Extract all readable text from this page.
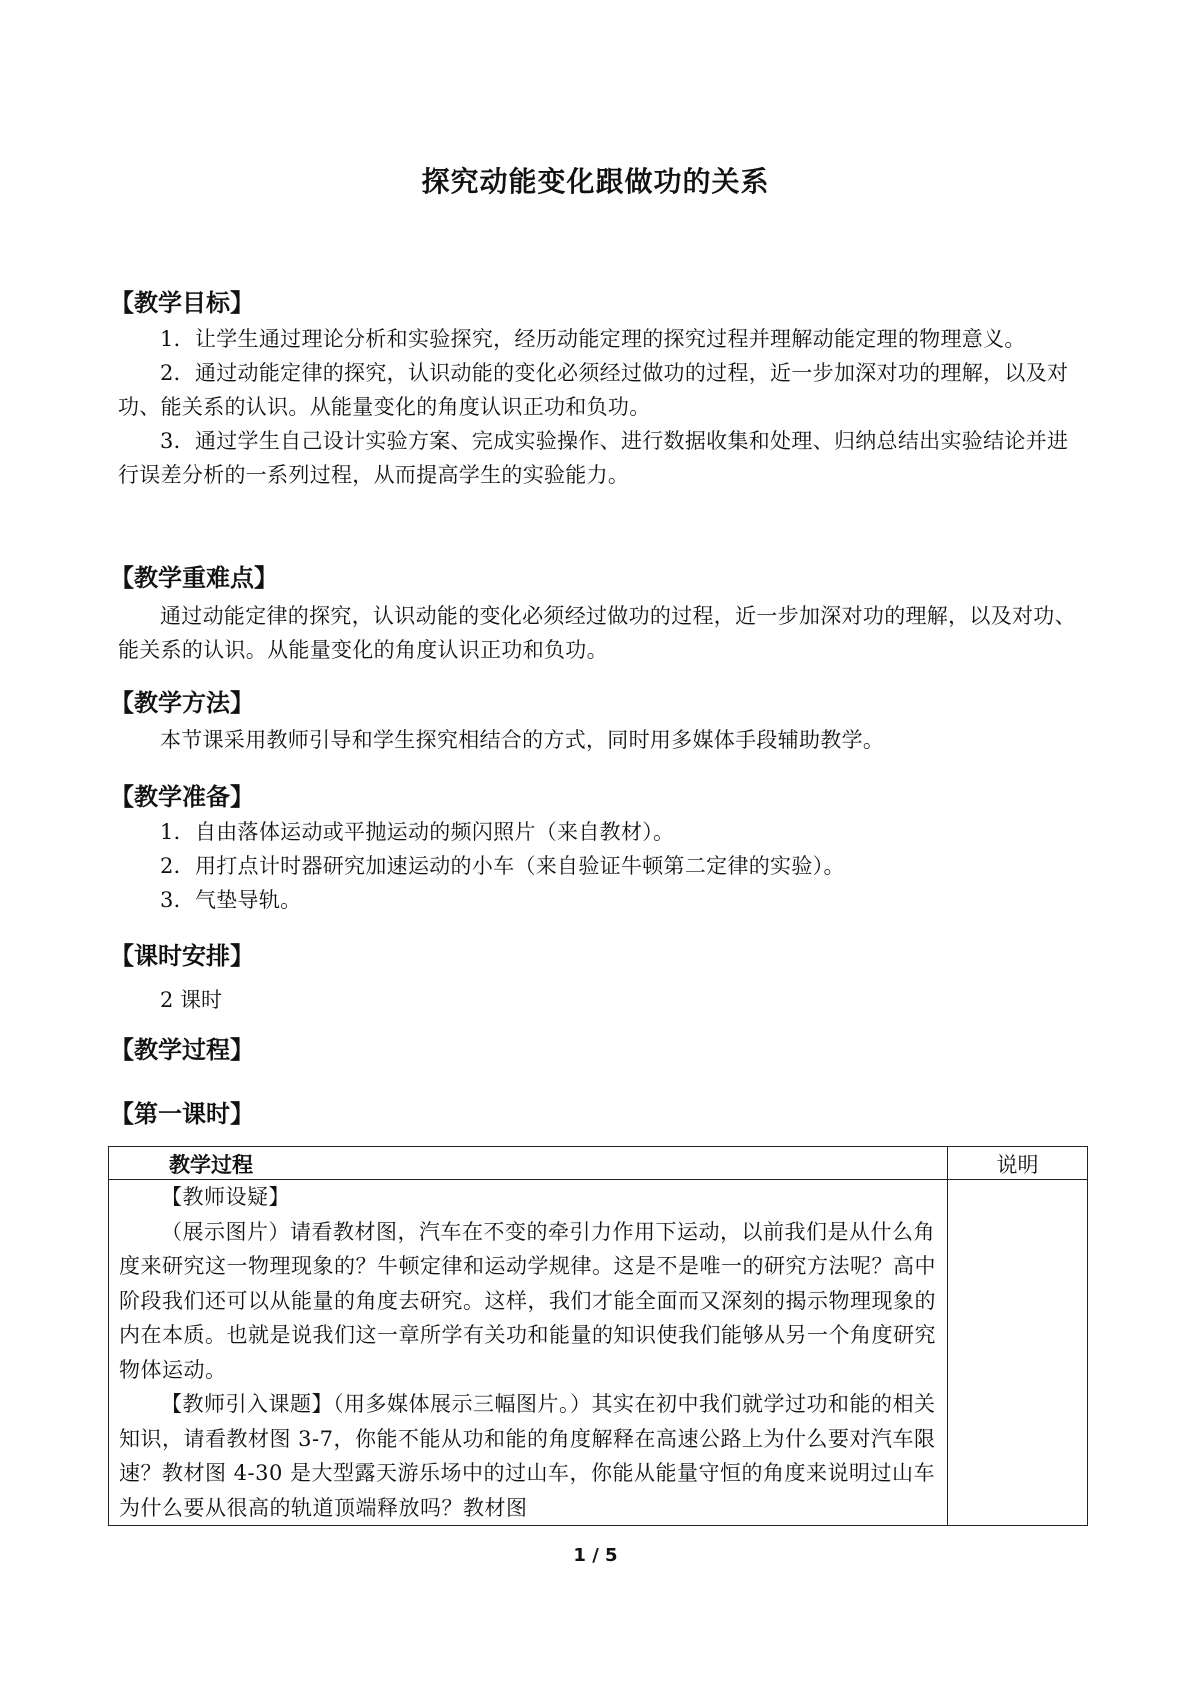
探究动能变化跟做功的关系
【教学目标】

1．让学生通过理论分析和实验探究，经历动能定理的探究过程并理解动能定理的物理意义。

2．通过动能定律的探究，认识动能的变化必须经过做功的过程，近一步加深对功的理解，以及对功、能关系的认识。从能量变化的角度认识正功和负功。

3．通过学生自己设计实验方案、完成实验操作、进行数据收集和处理、归纳总结出实验结论并进行误差分析的一系列过程，从而提高学生的实验能力。

【教学重难点】

通过动能定律的探究，认识动能的变化必须经过做功的过程，近一步加深对功的理解，以及对功、能关系的认识。从能量变化的角度认识正功和负功。

【教学方法】

本节课采用教师引导和学生探究相结合的方式，同时用多媒体手段辅助教学。

【教学准备】
1．自由落体运动或平抛运动的频闪照片（来自教材）。
2．用打点计时器研究加速运动的小车（来自验证牛顿第二定律的实验）。
3．气垫导轨。
【课时安排】
2 课时
【教学过程】
【第一课时】
教学过程	说明

【教师设疑】

（展示图片）请看教材图，汽车在不变的牵引力作用下运动，以前我们是从什么角度来研究这一物理现象的？牛顿定律和运动学规律。这是不是唯一的研究方法呢？高中阶段我们还可以从能量的角度去研究。这样，我们才能全面而又深刻的揭示物理现象的内在本质。也就是说我们这一章所学有关功和能量的知识使我们能够从另一个角度研究物体运动。

【教师引入课题】（用多媒体展示三幅图片。）其实在初中我们就学过功和能的相关知识，请看教材图 3-7，你能不能从功和能的角度解释在高速公路上为什么要对汽车限速？教材图 4-30 是大型露天游乐场中的过山车，你能从能量守恒的角度来说明过山车为什么要从很高的轨道顶端释放吗？教材图	

1 / 5
